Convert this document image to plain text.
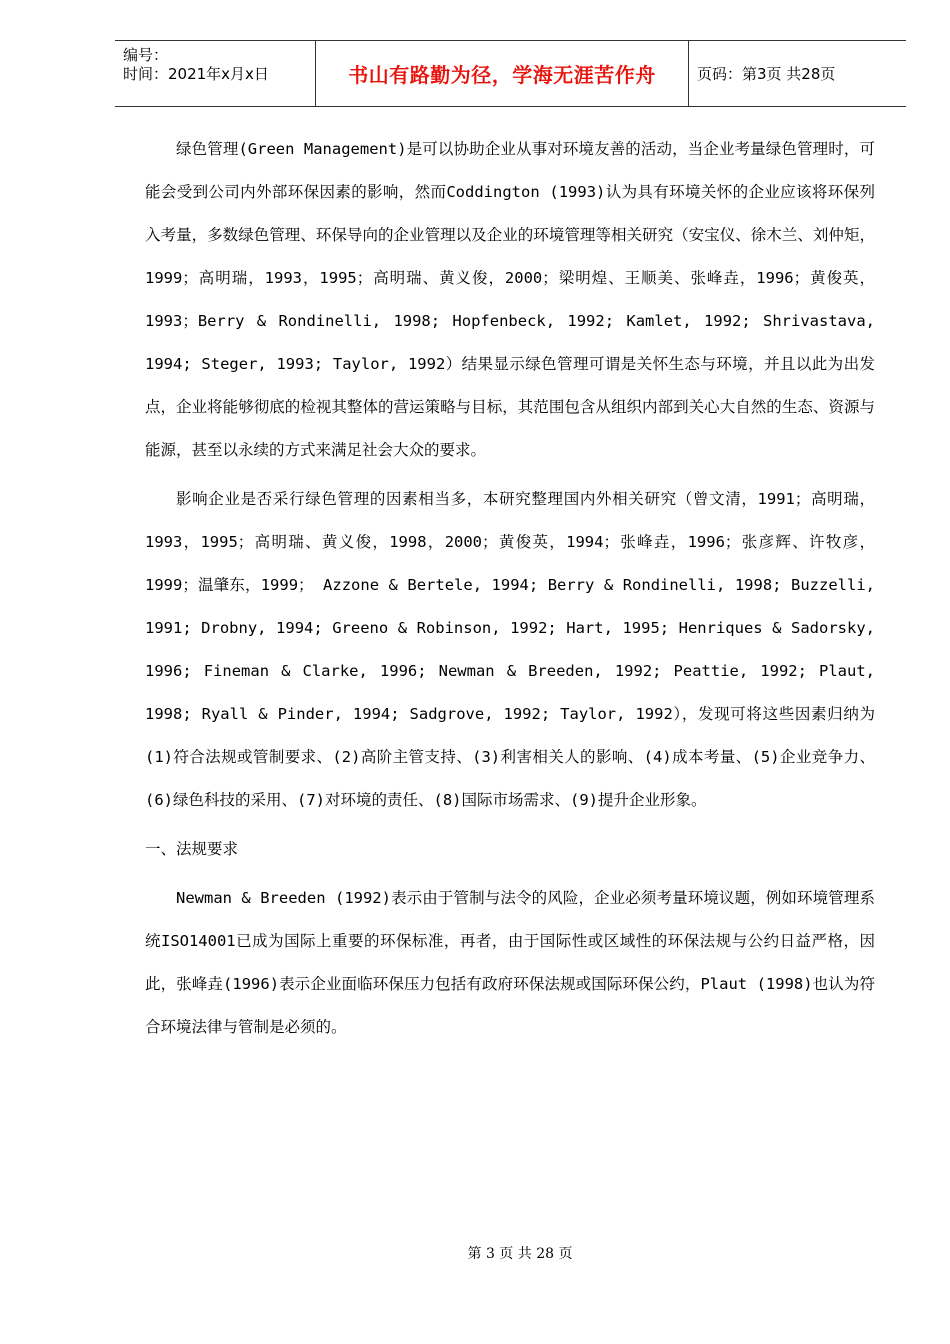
编号：
时间：2021年x月x日	书山有路勤为径，学海无涯苦作舟	页码：第3页 共28页

绿色管理(Green Management)是可以协助企业从事对环境友善的活动，当企业考量绿色管理时，可能会受到公司内外部环保因素的影响，然而Coddington (1993)认为具有环境关怀的企业应该将环保列入考量，多数绿色管理、环保导向的企业管理以及企业的环境管理等相关研究（安宝仪、徐木兰、刘仲矩，1999；高明瑞，1993，1995；高明瑞、黄义俊，2000；梁明煌、王顺美、张峰垚，1996；黄俊英，1993；Berry & Rondinelli, 1998; Hopfenbeck, 1992; Kamlet, 1992; Shrivastava, 1994; Steger, 1993; Taylor, 1992）结果显示绿色管理可谓是关怀生态与环境，并且以此为出发点，企业将能够彻底的检视其整体的营运策略与目标，其范围包含从组织内部到关心大自然的生态、资源与能源，甚至以永续的方式来满足社会大众的要求。

影响企业是否采行绿色管理的因素相当多，本研究整理国内外相关研究（曾文清，1991；高明瑞，1993，1995；高明瑞、黄义俊，1998，2000；黄俊英，1994；张峰垚，1996；张彦辉、许牧彦，1999；温肇东，1999； Azzone & Bertele, 1994; Berry & Rondinelli, 1998; Buzzelli, 1991; Drobny, 1994; Greeno & Robinson, 1992; Hart, 1995; Henriques & Sadorsky, 1996; Fineman & Clarke, 1996; Newman & Breeden, 1992; Peattie, 1992; Plaut, 1998; Ryall & Pinder, 1994; Sadgrove, 1992; Taylor, 1992），发现可将这些因素归纳为(1)符合法规或管制要求、(2)高阶主管支持、(3)利害相关人的影响、(4)成本考量、(5)企业竞争力、(6)绿色科技的采用、(7)对环境的责任、(8)国际市场需求、(9)提升企业形象。

一、法规要求

Newman & Breeden (1992)表示由于管制与法令的风险，企业必须考量环境议题，例如环境管理系统ISO14001已成为国际上重要的环保标准，再者，由于国际性或区域性的环保法规与公约日益严格，因此，张峰垚(1996)表示企业面临环保压力包括有政府环保法规或国际环保公约，Plaut (1998)也认为符合环境法律与管制是必须的。

第 3 页 共 28 页
